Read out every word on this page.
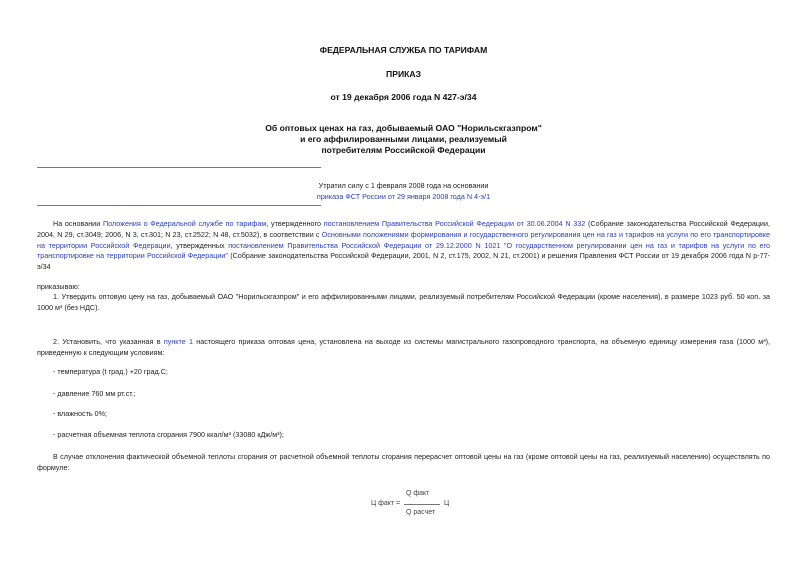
ФЕДЕРАЛЬНАЯ СЛУЖБА ПО ТАРИФАМ
ПРИКАЗ
от 19 декабря 2006 года N 427-э/34
Об оптовых ценах на газ, добываемый ОАО "Норильскгазпром"
и его аффилированными лицами, реализуемый
потребителям Российской Федерации
Утратил силу с 1 февраля 2008 года на основании
приказа ФСТ России от 29 января 2008 года N 4-э/1
На основании Положения о Федеральной службе по тарифам, утвержденного постановлением Правительства Российской Федерации от 30.06.2004 N 332 (Собрание законодательства Российской Федерации, 2004, N 29, ст.3049; 2006, N 3, ст.301; N 23, ст.2522; N 48, ст.5032), в соответствии с Основными положениями формирования и государственного регулирования цен на газ и тарифов на услуги по его транспортировке на территории Российской Федерации, утвержденных постановлением Правительства Российской Федерации от 29.12.2000 N 1021 "О государственном регулировании цен на газ и тарифов на услуги по его транспортировке на территории Российской Федерации" (Собрание законодательства Российской Федерации, 2001, N 2, ст.175, 2002, N 21, ст.2001) и решения Правления ФСТ России от 19 декабря 2006 года N р-77-э/34
приказываю:
1. Утвердить оптовую цену на газ, добываемый ОАО "Норильскгазпром" и его аффилированными лицами, реализуемый потребителям Российской Федерации (кроме населения), в размере 1023 руб. 50 коп. за 1000 м³ (без НДС).
2. Установить, что указанная в пункте 1 настоящего приказа оптовая цена, установлена на выходе из системы магистрального газопроводного транспорта, на объемную единицу измерения газа (1000 м³), приведенную к следующим условиям:
- температура (t град.) +20 град.С;
- давление 760 мм рт.ст.;
- влажность 0%;
- расчетная объемная теплота сгорания 7900 ккал/м³ (33080 кДж/м³);
В случае отклонения фактической объемной теплоты сгорания от расчетной объемной теплоты сгорания перерасчет оптовой цены на газ (кроме оптовой цены на газ, реализуемый населению) осуществлять по формуле:
Ц факт =
Q факт
Q расчет
Ц
